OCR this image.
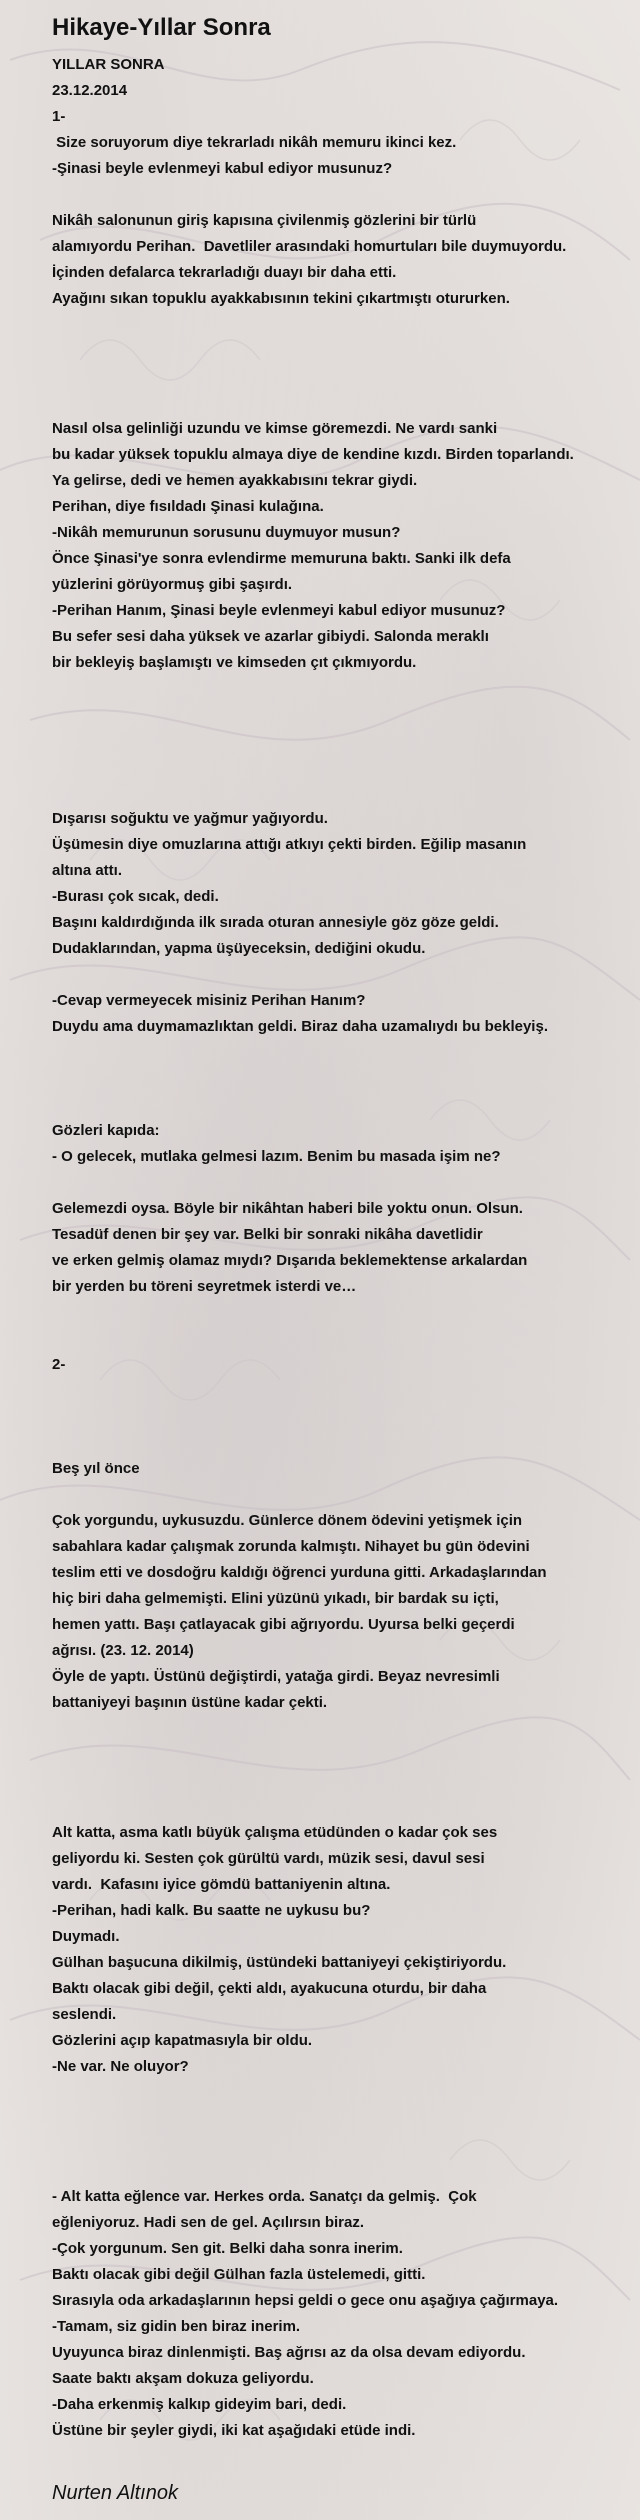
Hikaye-Yıllar Sonra
YILLAR SONRA
23.12.2014
1-
Size soruyorum diye tekrarladı nikâh memuru ikinci kez.
-Şinasi beyle evlenmeyi kabul ediyor musunuz?

Nikâh salonunun giriş kapısına çivilenmiş gözlerini bir türlü
alamıyordu Perihan.  Davetliler arasındaki homurtuları bile duymuyordu.
İçinden defalarca tekrarladığı duayı bir daha etti.
Ayağını sıkan topuklu ayakkabısının tekini çıkartmıştı otururken.

Nasıl olsa gelinliği uzundu ve kimse göremezdi. Ne vardı sanki
bu kadar yüksek topuklu almaya diye de kendine kızdı. Birden toparlandı.
Ya gelirse, dedi ve hemen ayakkabısını tekrar giydi.
Perihan, diye fısıldadı Şinasi kulağına.
-Nikâh memurunun sorusunu duymuyor musun?
Önce Şinasi'ye sonra evlendirme memuruna baktı. Sanki ilk defa
yüzlerini görüyormuş gibi şaşırdı.
-Perihan Hanım, Şinasi beyle evlenmeyi kabul ediyor musunuz?
Bu sefer sesi daha yüksek ve azarlar gibiydi. Salonda meraklı
bir bekleyiş başlamıştı ve kimseden çıt çıkmıyordu.

Dışarısı soğuktu ve yağmur yağıyordu.
Üşümesin diye omuzlarına attığı atkıyı çekti birden. Eğilip masanın
altına attı.
-Burası çok sıcak, dedi.
Başını kaldırdığında ilk sırada oturan annesiyle göz göze geldi.
Dudaklarından, yapma üşüyeceksin, dediğini okudu.

-Cevap vermeyecek misiniz Perihan Hanım?
Duydu ama duymamazlıktan geldi. Biraz daha uzamalıydı bu bekleyiş.

Gözleri kapıda:
- O gelecek, mutlaka gelmesi lazım. Benim bu masada işim ne?

Gelemezdi oysa. Böyle bir nikâhtan haberi bile yoktu onun. Olsun.
Tesadüf denen bir şey var. Belki bir sonraki nikâha davetlidir
ve erken gelmiş olamaz mıydı? Dışarıda beklemektense arkalardan
bir yerden bu töreni seyretmek isterdi ve…

2-

Beş yıl önce

Çok yorgundu, uykusuzdu. Günlerce dönem ödevini yetişmek için
sabahlara kadar çalışmak zorunda kalmıştı. Nihayet bu gün ödevini
teslim etti ve dosdoğru kaldığı öğrenci yurduna gitti. Arkadaşlarından
hiç biri daha gelmemişti. Elini yüzünü yıkadı, bir bardak su içti,
hemen yattı. Başı çatlayacak gibi ağrıyordu. Uyursa belki geçerdi
ağrısı. (23. 12. 2014)
Öyle de yaptı. Üstünü değiştirdi, yatağa girdi. Beyaz nevresimli
battaniyeyi başının üstüne kadar çekti.

Alt katta, asma katlı büyük çalışma etüdünden o kadar çok ses
geliyordu ki. Sesten çok gürültü vardı, müzik sesi, davul sesi
vardı.  Kafasını iyice gömdü battaniyenin altına.
-Perihan, hadi kalk. Bu saatte ne uykusu bu?
Duymadı.
Gülhan başucuna dikilmiş, üstündeki battaniyeyi çekiştiriyordu.
Baktı olacak gibi değil, çekti aldı, ayakucuna oturdu, bir daha
seslendi.
Gözlerini açıp kapatmasıyla bir oldu.
-Ne var. Ne oluyor?

- Alt katta eğlence var. Herkes orda. Sanatçı da gelmiş.  Çok
eğleniyoruz. Hadi sen de gel. Açılırsın biraz.
-Çok yorgunum. Sen git. Belki daha sonra inerim.
Baktı olacak gibi değil Gülhan fazla üstelemedi, gitti.
Sırasıyla oda arkadaşlarının hepsi geldi o gece onu aşağıya çağırmaya.
-Tamam, siz gidin ben biraz inerim.
Uyuyunca biraz dinlenmişti. Baş ağrısı az da olsa devam ediyordu.
Saate baktı akşam dokuza geliyordu.
-Daha erkenmiş kalkıp gideyim bari, dedi.
Üstüne bir şeyler giydi, iki kat aşağıdaki etüde indi.
Nurten Altınok
